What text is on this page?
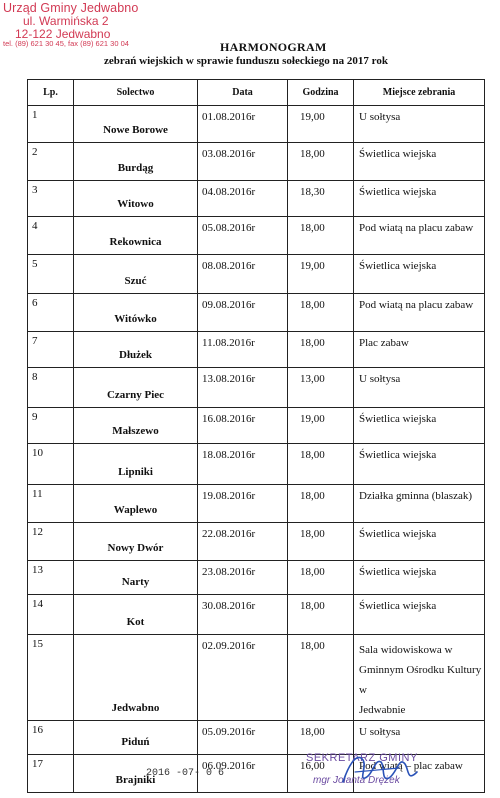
Urząd Gminy Jedwabno
ul. Warmińska 2
12-122 Jedwabno
tel. (89) 621 30 45, fax (89) 621 30 04	HARMONOGRAM
zebrań wiejskich w sprawie funduszu sołeckiego na 2017 rok
Lp.	Solectwo	Data	Godzina	Miejsce zebrania
1	Nowe Borowe	01.08.2016r	19,00	U sołtysa

2	Burdąg	03.08.2016r	18,00	Świetlica wiejska

3	Witowo	04.08.2016r	18,30	Świetlica wiejska

4	Rekownica	05.08.2016r	18,00	Pod wiatą na placu zabaw

5	Szuć	08.08.2016r	19,00	Świetlica wiejska

6	Witówko	09.08.2016r	18,00	Pod wiatą na placu zabaw

7	Dłużek	11.08.2016r	18,00	Plac zabaw

8	Czarny Piec	13.08.2016r	13,00	U sołtysa

9	Małszewo	16.08.2016r	19,00	Świetlica wiejska

10	Lipniki	18.08.2016r	18,00	Świetlica wiejska

11	Waplewo	19.08.2016r	18,00	Działka gminna (blaszak)

12	Nowy Dwór	22.08.2016r	18,00	Świetlica wiejska

13	Narty	23.08.2016r	18,00	Świetlica wiejska

14	Kot	30.08.2016r	18,00	Świetlica wiejska

15	Jedwabno	02.09.2016r	18,00	Sala widowiskowa w
Gminnym Ośrodku Kultury w
Jedwabnie

16	Piduń	05.09.2016r	18,00	U sołtysa

17	Brajniki	06.09.2016r	16,00	Pod wiatą – plac zabaw
2016 -07- 0 6
SEKRETARZ GMINY
mgr Jolanta Drężek
